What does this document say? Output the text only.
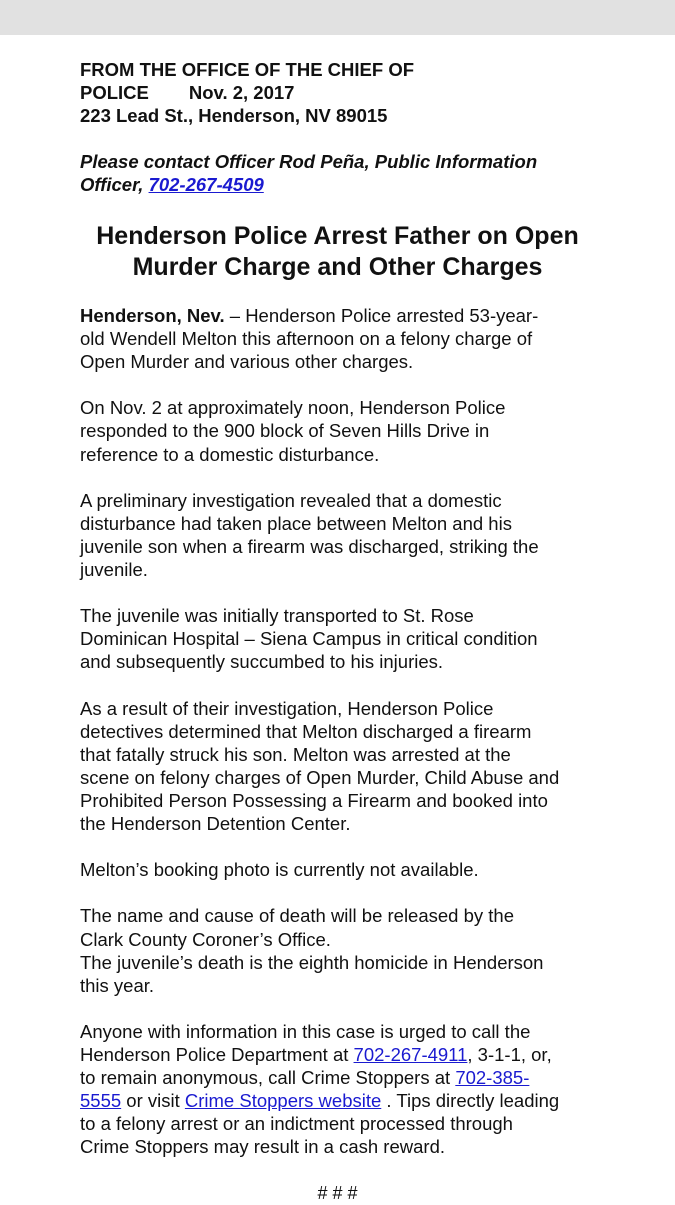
FROM THE OFFICE OF THE CHIEF OF
POLICE Nov. 2, 2017
223 Lead St., Henderson, NV 89015
Please contact Officer Rod Peña, Public Information
Officer, 702-267-4509
Henderson Police Arrest Father on Open
Murder Charge and Other Charges
Henderson, Nev. – Henderson Police arrested 53-year-
old Wendell Melton this afternoon on a felony charge of
Open Murder and various other charges.
On Nov. 2 at approximately noon, Henderson Police
responded to the 900 block of Seven Hills Drive in
reference to a domestic disturbance.
A preliminary investigation revealed that a domestic
disturbance had taken place between Melton and his
juvenile son when a firearm was discharged, striking the
juvenile.
The juvenile was initially transported to St. Rose
Dominican Hospital – Siena Campus in critical condition
and subsequently succumbed to his injuries.
As a result of their investigation, Henderson Police
detectives determined that Melton discharged a firearm
that fatally struck his son. Melton was arrested at the
scene on felony charges of Open Murder, Child Abuse and
Prohibited Person Possessing a Firearm and booked into
the Henderson Detention Center.
Melton’s booking photo is currently not available.
The name and cause of death will be released by the
Clark County Coroner’s Office.
The juvenile’s death is the eighth homicide in Henderson
this year.
Anyone with information in this case is urged to call the
Henderson Police Department at 702-267-4911, 3-1-1, or,
to remain anonymous, call Crime Stoppers at 702-385-
5555 or visit Crime Stoppers website . Tips directly leading
to a felony arrest or an indictment processed through
Crime Stoppers may result in a cash reward.
# # #
